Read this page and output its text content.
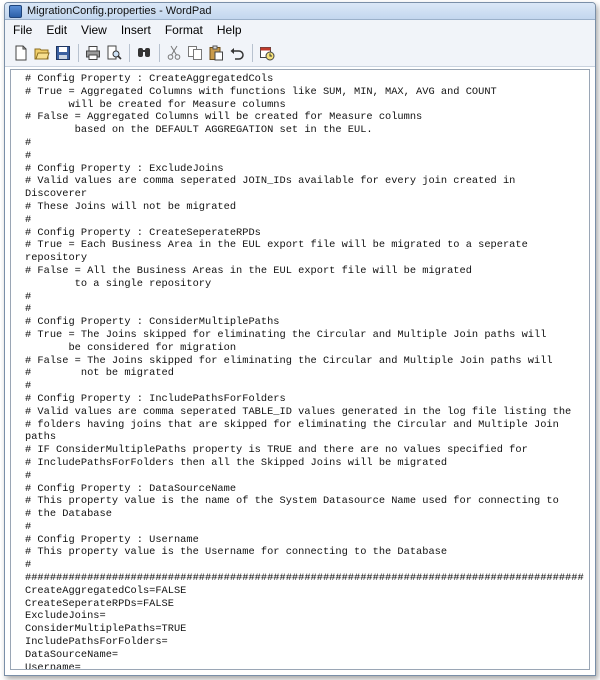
MigrationConfig.properties - WordPad
File	Edit	View	Insert	Format	Help
# Config Property : CreateAggregatedCols
# True = Aggregated Columns with functions like SUM, MIN, MAX, AVG and COUNT
will be created for Measure columns
# False = Aggregated Columns will be created for Measure columns
based on the DEFAULT AGGREGATION set in the EUL.
#
#
# Config Property : ExcludeJoins
# Valid values are comma seperated JOIN_IDs available for every join created in
Discoverer
# These Joins will not be migrated
#
# Config Property : CreateSeperateRPDs
# True = Each Business Area in the EUL export file will be migrated to a seperate
repository
# False = All the Business Areas in the EUL export file will be migrated
to a single repository
#
#
# Config Property : ConsiderMultiplePaths
# True = The Joins skipped for eliminating the Circular and Multiple Join paths will
be considered for migration
# False = The Joins skipped for eliminating the Circular and Multiple Join paths will
#        not be migrated
#
# Config Property : IncludePathsForFolders
# Valid values are comma seperated TABLE_ID values generated in the log file listing the
# folders having joins that are skipped for eliminating the Circular and Multiple Join
paths
# IF ConsiderMultiplePaths property is TRUE and there are no values specified for
# IncludePathsForFolders then all the Skipped Joins will be migrated
#
# Config Property : DataSourceName
# This property value is the name of the System Datasource Name used for connecting to
# the Database
#
# Config Property : Username
# This property value is the Username for connecting to the Database
#
##########################################################################################
CreateAggregatedCols=FALSE
CreateSeperateRPDs=FALSE
ExcludeJoins=
ConsiderMultiplePaths=TRUE
IncludePathsForFolders=
DataSourceName=
Username=
